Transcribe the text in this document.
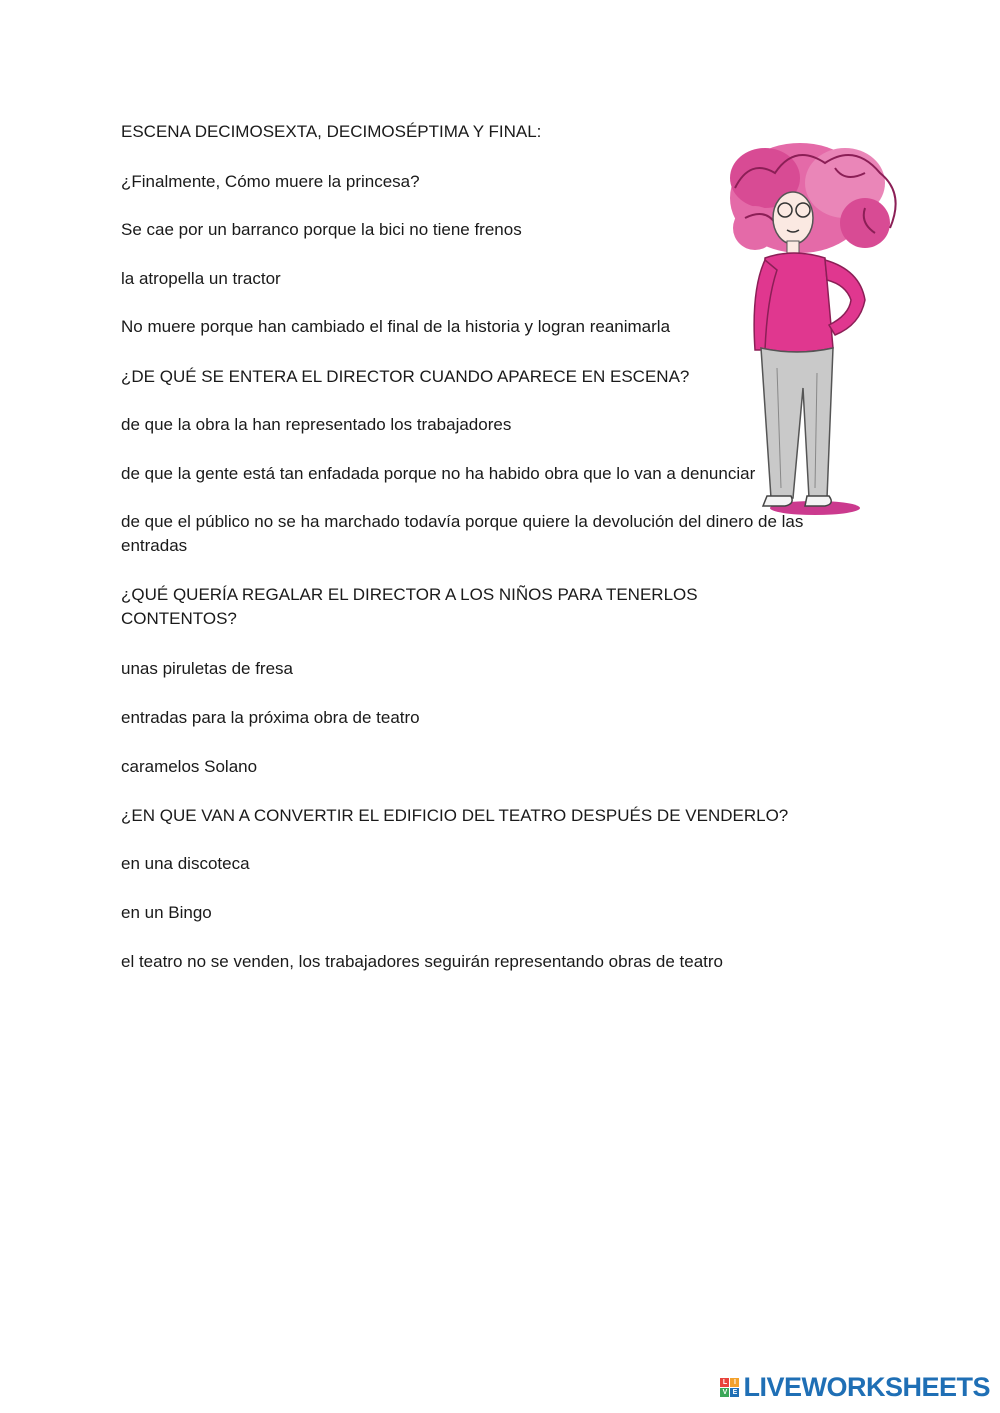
ESCENA DECIMOSEXTA, DECIMOSÉPTIMA Y FINAL:

¿Finalmente, Cómo muere la princesa?

Se cae por un barranco porque la bici no tiene frenos

la atropella un tractor

No muere porque han cambiado el final de la historia y logran reanimarla

¿DE QUÉ SE ENTERA EL DIRECTOR CUANDO APARECE EN ESCENA?

de que la obra la han representado los trabajadores

de que la gente está tan enfadada porque no ha habido obra que lo van a denunciar

de que el público no se ha marchado todavía porque quiere la devolución del dinero de las entradas

¿QUÉ QUERÍA REGALAR EL DIRECTOR A LOS NIÑOS PARA TENERLOS CONTENTOS?

unas piruletas de fresa

entradas para la próxima obra de teatro

caramelos Solano

¿EN QUE VAN A CONVERTIR EL EDIFICIO DEL TEATRO DESPUÉS DE VENDERLO?

en una discoteca

en un Bingo

el teatro no se venden, los trabajadores seguirán representando obras de teatro

L I
V E LIVEWORKSHEETS
